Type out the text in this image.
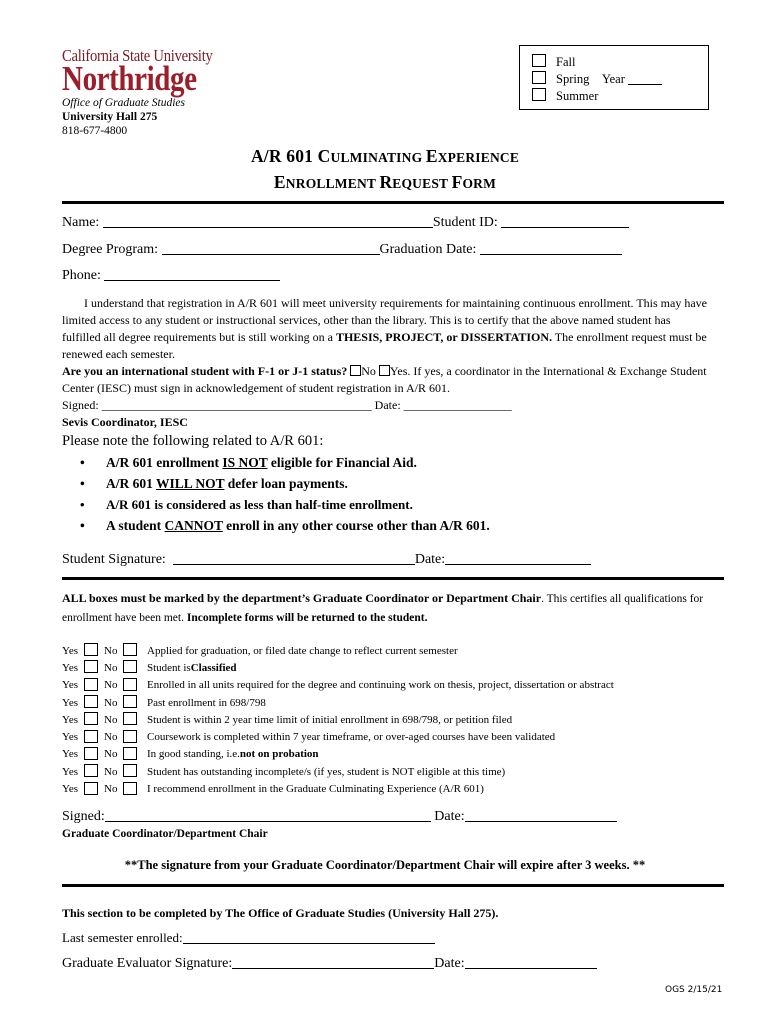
California State University
Northridge
Office of Graduate Studies
University Hall 275
818-677-4800
Fall
Spring Year
Summer
A/R 601 CULMINATING EXPERIENCE
ENROLLMENT REQUEST FORM
Name:	Student ID:
Degree Program:	Graduation Date:
Phone:

I understand that registration in A/R 601 will meet university requirements for maintaining continuous enrollment. This may have limited access to any student or instructional services, other than the library. This is to certify that the above named student has fulfilled all degree requirements but is still working on a THESIS, PROJECT, or DISSERTATION. The enrollment request must be renewed each semester.

Are you an international student with F-1 or J-1 status? No Yes. If yes, a coordinator in the International & Exchange Student Center (IESC) must sign in acknowledgement of student registration in A/R 601.

Signed: _____________________________________________ Date: __________________

Sevis Coordinator, IESC

Please note the following related to A/R 601:
• A/R 601 enrollment IS NOT eligible for Financial Aid.
• A/R 601 WILL NOT defer loan payments.
• A/R 601 is considered as less than half-time enrollment.
• A student CANNOT enroll in any other course other than A/R 601.
Student Signature:	Date:
ALL boxes must be marked by the department’s Graduate Coordinator or Department Chair. This certifies all qualifications for enrollment have been met. Incomplete forms will be returned to the student.
Yes	No	Applied for graduation, or filed date change to reflect current semester
Yes	No	Student is Classified
Yes	No	Enrolled in all units required for the degree and continuing work on thesis, project, dissertation or abstract
Yes	No	Past enrollment in 698/798
Yes	No	Student is within 2 year time limit of initial enrollment in 698/798, or petition filed
Yes	No	Coursework is completed within 7 year timeframe, or over-aged courses have been validated
Yes	No	In good standing, i.e. not on probation
Yes	No	Student has outstanding incomplete/s (if yes, student is NOT eligible at this time)
Yes	No	I recommend enrollment in the Graduate Culminating Experience (A/R 601)
Signed:	Date:
Graduate Coordinator/Department Chair
**The signature from your Graduate Coordinator/Department Chair will expire after 3 weeks. **
This section to be completed by The Office of Graduate Studies (University Hall 275).
Last semester enrolled:
Graduate Evaluator Signature:	Date:
OGS 2/15/21
